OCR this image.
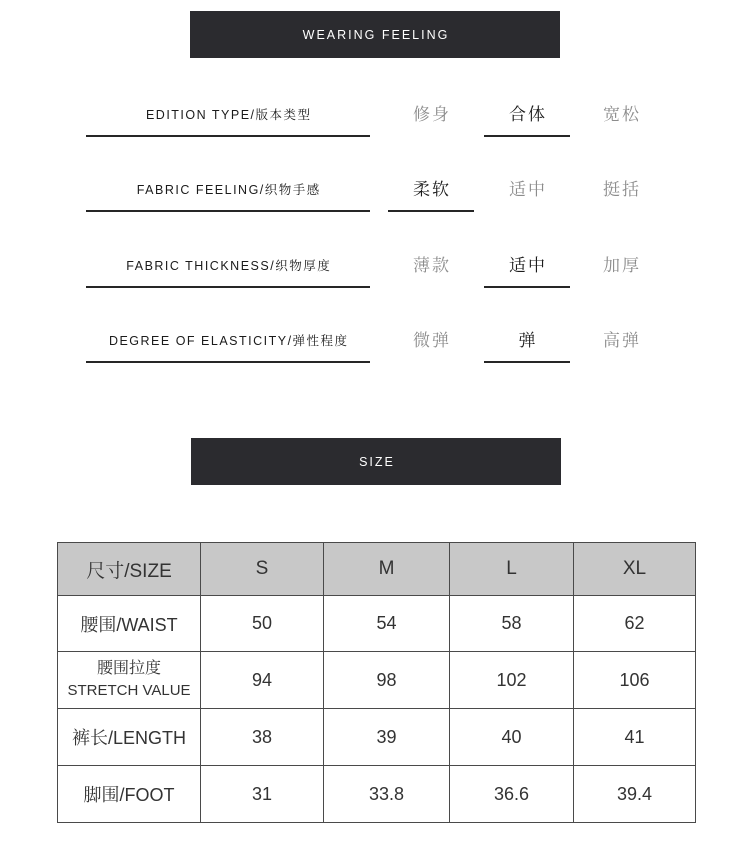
WEARING FEELING
EDITION TYPE/版本类型	修身	合体	宽松
FABRIC FEELING/织物手感	柔软	适中	挺括
FABRIC THICKNESS/织物厚度	薄款	适中	加厚
DEGREE OF ELASTICITY/弹性程度	微弹	弹	高弹
SIZE
尺寸/SIZE	S	M	L	XL
腰围/WAIST	50	54	58	62

腰围拉度
STRETCH VALUE	94	98	102	106
裤长/LENGTH	38	39	40	41
脚围/FOOT	31	33.8	36.6	39.4
